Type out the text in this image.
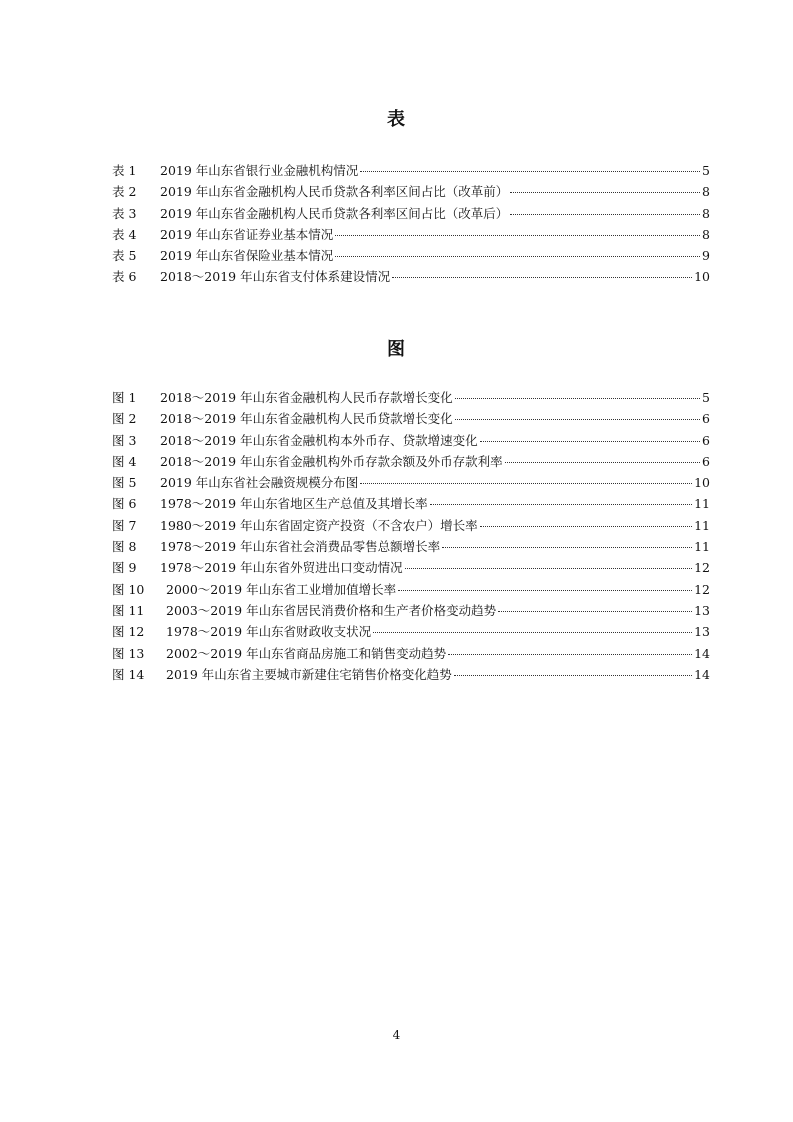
表
表 1	2019 年山东省银行业金融机构情况	5
表 2	2019 年山东省金融机构人民币贷款各利率区间占比（改革前）	8
表 3	2019 年山东省金融机构人民币贷款各利率区间占比（改革后）	8
表 4	2019 年山东省证券业基本情况	8
表 5	2019 年山东省保险业基本情况	9
表 6	2018～2019 年山东省支付体系建设情况	10
图
图 1	2018～2019 年山东省金融机构人民币存款增长变化	5
图 2	2018～2019 年山东省金融机构人民币贷款增长变化	6
图 3	2018～2019 年山东省金融机构本外币存、贷款增速变化	6
图 4	2018～2019 年山东省金融机构外币存款余额及外币存款利率	6
图 5	2019 年山东省社会融资规模分布图	10
图 6	1978～2019 年山东省地区生产总值及其增长率	11
图 7	1980～2019 年山东省固定资产投资（不含农户）增长率	11
图 8	1978～2019 年山东省社会消费品零售总额增长率	11
图 9	1978～2019 年山东省外贸进出口变动情况	12
图 10	2000～2019 年山东省工业增加值增长率	12
图 11	2003～2019 年山东省居民消费价格和生产者价格变动趋势	13
图 12	1978～2019 年山东省财政收支状况	13
图 13	2002～2019 年山东省商品房施工和销售变动趋势	14
图 14	2019 年山东省主要城市新建住宅销售价格变化趋势	14
4
